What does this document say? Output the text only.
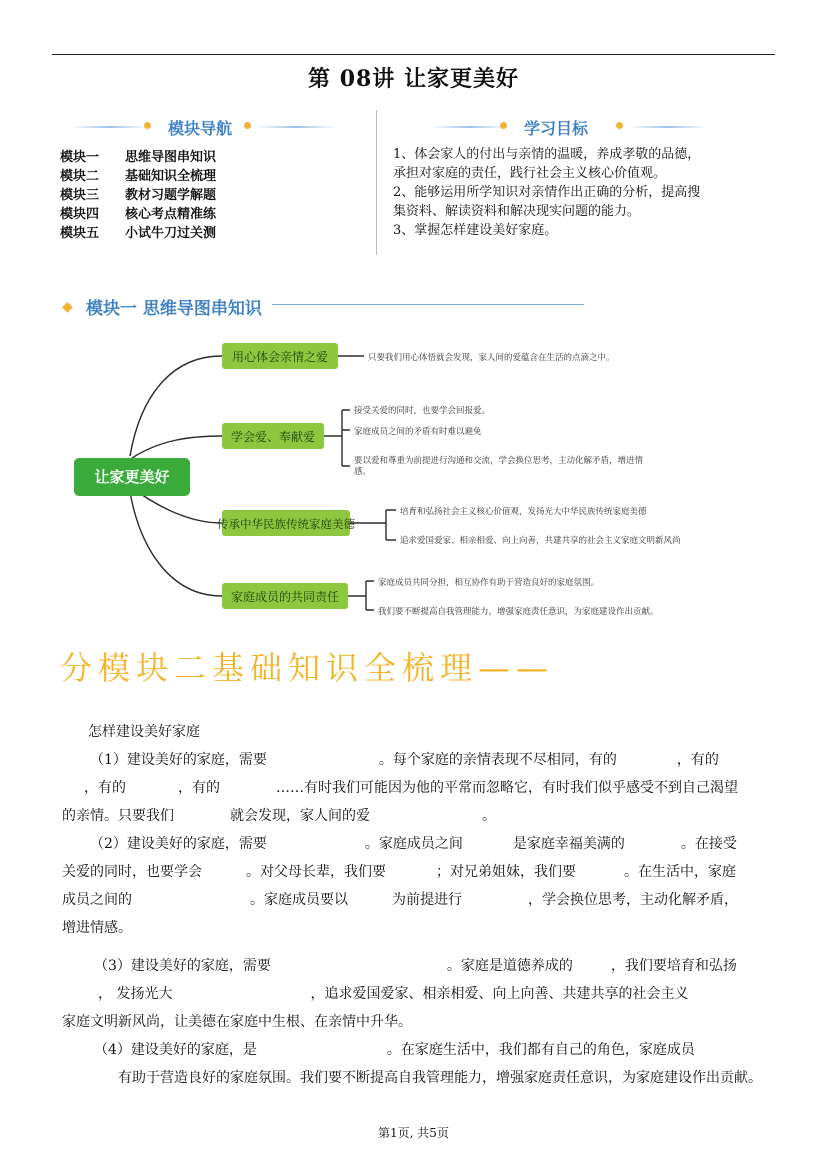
第 08讲 让家更美好
模块导航
模块一 思维导图串知识
模块二 基础知识全梳理
模块三 教材习题学解题
模块四 核心考点精准练
模块五 小试牛刀过关测
学习目标

1、体会家人的付出与亲情的温暖，养成孝敬的品德，

承担对家庭的责任，践行社会主义核心价值观。

2、能够运用所学知识对亲情作出正确的分析，提高搜

集资料、解读资料和解决现实问题的能力。

3、掌握怎样建设美好家庭。

◆ 模块一 思维导图串知识
让家更美好
用心体会亲情之爱	只要我们用心体悟就会发现，家人间的爱蕴含在生活的点滴之中。
学会爱、奉献爱
接受关爱的同时，也要学会回报爱。
家庭成员之间的矛盾有时难以避免
要以爱和尊重为前提进行沟通和交流，学会换位思考，主动化解矛盾，增进情
感。
传承中华民族传统家庭美德
培育和弘扬社会主义核心价值观，发扬光大中华民族传统家庭美德
追求爱国爱家、相亲相爱、向上向善，共建共享的社会主义家庭文明新风尚
家庭成员的共同责任
家庭成员共同分担，相互协作有助于营造良好的家庭氛围。
我们要不断提高自我管理能力，增强家庭责任意识，为家庭建设作出贡献。
分模块二基础知识全梳理——

怎样建设美好家庭

（1）建设美好的家庭，需要	。每个家庭的亲情表现不尽相同，有的	，有的
，有的	，有的	……有时我们可能因为他的平常而忽略它，有时我们似乎感受不到自己渴望
的亲情。只要我们	就会发现，家人间的爱	。

（2）建设美好的家庭，需要	。家庭成员之间	是家庭幸福美满的	。在接受
关爱的同时，也要学会	。对父母长辈，我们要	；对兄弟姐妹，我们要	。在生活中，家庭
成员之间的	。家庭成员要以	为前提进行	，学会换位思考，主动化解矛盾，
增进情感。

（3）建设美好的家庭，需要	。家庭是道德养成的	，我们要培育和弘扬
， 发扬光大	，追求爱国爱家、相亲相爱、向上向善、共建共享的社会主义
家庭文明新风尚，让美德在家庭中生根、在亲情中升华。

（4）建设美好的家庭，是	。在家庭生活中，我们都有自己的角色，家庭成员
有助于营造良好的家庭氛围。我们要不断提高自我管理能力，增强家庭责任意识，为家庭建设作出贡献。

第1页, 共5页
